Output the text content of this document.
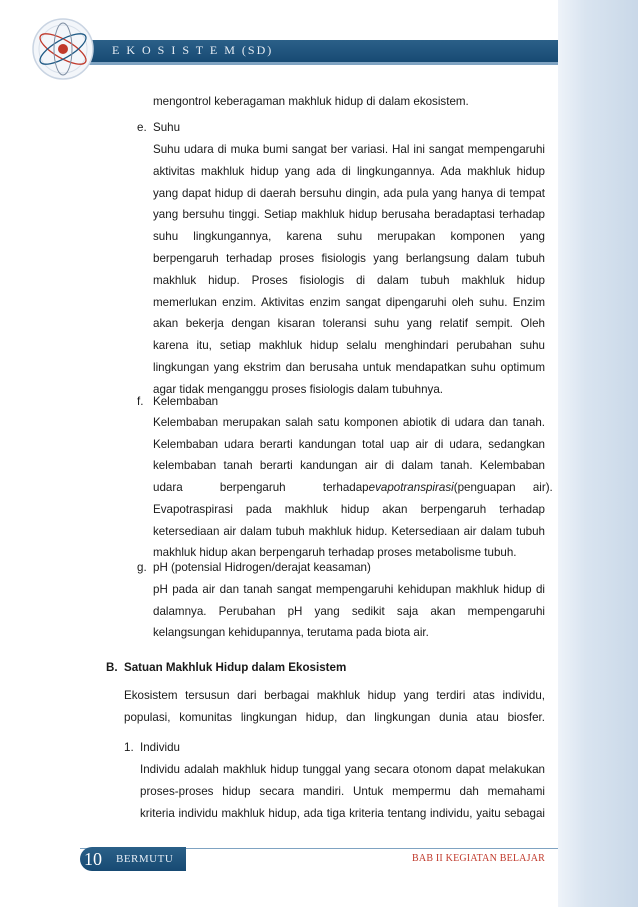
E K O S I S T E M (SD)
mengontrol keberagaman makhluk hidup di dalam ekosistem.
e. Suhu
Suhu udara di muka bumi sangat ber variasi. Hal ini sangat mempengaruhi
aktivitas makhluk hidup yang ada di lingkungannya. Ada makhluk hidup
yang dapat hidup di daerah bersuhu dingin, ada pula yang hanya di tempat
yang bersuhu tinggi. Setiap makhluk hidup berusaha beradaptasi terhadap
suhu lingkungannya, karena suhu merupakan komponen yang
berpengaruh terhadap proses fisiologis yang berlangsung dalam tubuh
makhluk hidup. Proses fisiologis di dalam tubuh makhluk hidup
memerlukan enzim. Aktivitas enzim sangat dipengaruhi oleh suhu. Enzim
akan bekerja dengan kisaran toleransi suhu yang relatif sempit. Oleh
karena itu, setiap makhluk hidup selalu menghindari perubahan suhu
lingkungan yang ekstrim dan berusaha untuk mendapatkan suhu optimum
agar tidak menganggu proses fisiologis dalam tubuhnya.
f. Kelembaban
Kelembaban merupakan salah satu komponen abiotik di udara dan tanah.
Kelembaban udara berarti kandungan total uap air di udara, sedangkan
kelembaban tanah berarti kandungan air di dalam tanah. Kelembaban
udara berpengaruh terhadap evapotranspirasi (penguapan air).
Evapotraspirasi pada makhluk hidup akan berpengaruh terhadap
ketersediaan air dalam tubuh makhluk hidup. Ketersediaan air dalam tubuh
makhluk hidup akan berpengaruh terhadap proses metabolisme tubuh.
g. pH (potensial Hidrogen/derajat keasaman)
pH pada air dan tanah sangat mempengaruhi kehidupan makhluk hidup di
dalamnya. Perubahan pH yang sedikit saja akan mempengaruhi
kelangsungan kehidupannya, terutama pada biota air.
B. Satuan Makhluk Hidup dalam Ekosistem
Ekosistem tersusun dari berbagai makhluk hidup yang terdiri atas individu,
populasi, komunitas lingkungan hidup, dan lingkungan dunia atau biosfer.
1. Individu
Individu adalah makhluk hidup tunggal yang secara otonom dapat melakukan
proses-proses hidup secara mandiri. Untuk mempermu dah memahami
kriteria individu makhluk hidup, ada tiga kriteria tentang individu, yaitu sebagai
10 BERMUTU	BAB II KEGIATAN BELAJAR
